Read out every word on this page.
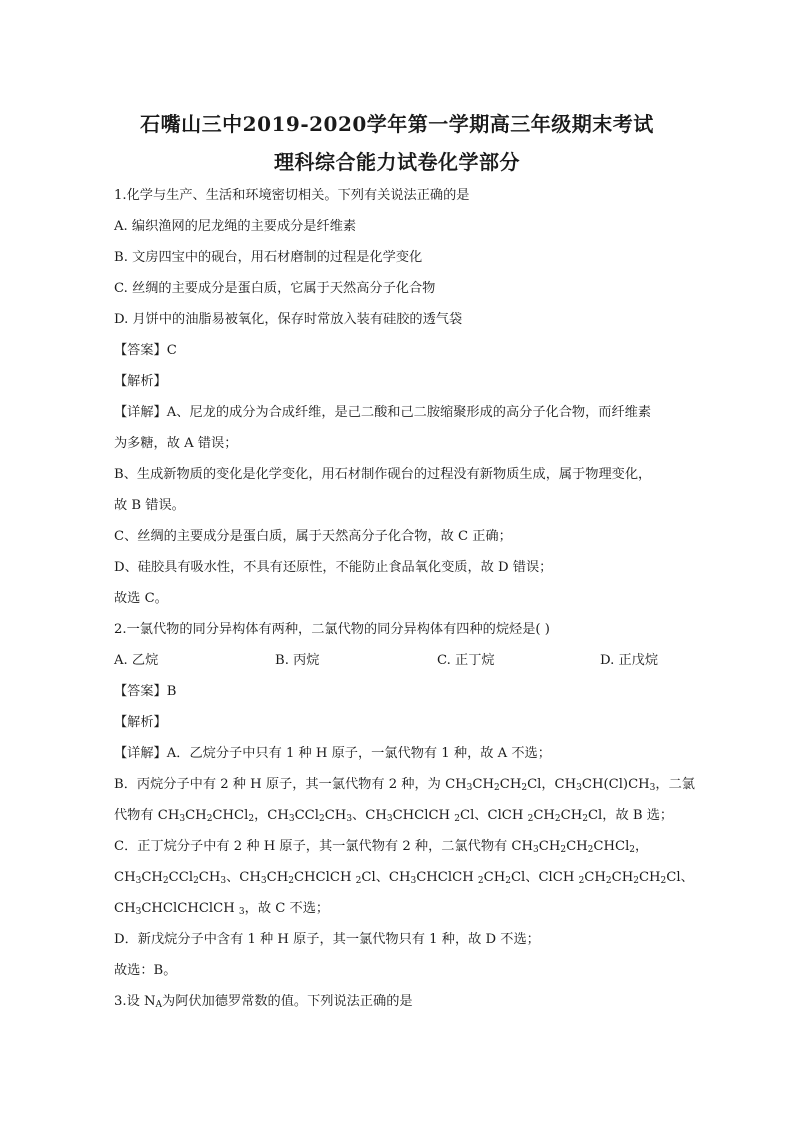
石嘴山三中2019-2020学年第一学期高三年级期末考试
理科综合能力试卷化学部分
1.化学与生产、生活和环境密切相关。下列有关说法正确的是
A. 编织渔网的尼龙绳的主要成分是纤维素
B. 文房四宝中的砚台，用石材磨制的过程是化学变化
C. 丝绸的主要成分是蛋白质，它属于天然高分子化合物
D. 月饼中的油脂易被氧化，保存时常放入装有硅胶的透气袋
【答案】C
【解析】
【详解】A、尼龙的成分为合成纤维，是己二酸和己二胺缩聚形成的高分子化合物，而纤维素
为多糖，故 A 错误；
B、生成新物质的变化是化学变化，用石材制作砚台的过程没有新物质生成，属于物理变化，
故 B 错误。
C、丝绸的主要成分是蛋白质，属于天然高分子化合物，故 C 正确；
D、硅胶具有吸水性，不具有还原性，不能防止食品氧化变质，故 D 错误；
故选 C。
2.一氯代物的同分异构体有两种，二氯代物的同分异构体有四种的烷烃是( )
A. 乙烷	B. 丙烷	C. 正丁烷	D. 正戊烷
【答案】B
【解析】
【详解】A．乙烷分子中只有 1 种 H 原子，一氯代物有 1 种，故 A 不选；
B．丙烷分子中有 2 种 H 原子，其一氯代物有 2 种，为 $CH_3CH_2CH_2Cl$，$CH_3CH(Cl)CH_3$，二氯
代物有 $CH_3CH_2CHCl_2$，$CH_3CCl_2CH_3$、$CH_3CHClCH$ $_2$Cl、ClCH $_2CH_2CH_2Cl$，故 B 选；
C．正丁烷分子中有 2 种 H 原子，其一氯代物有 2 种，二氯代物有 $CH_3CH_2CH_2CHCl_2$，
$CH_3CH_2CCl_2CH_3$、$CH_3CH_2CHClCH$ $_2$Cl、$CH_3CHClCH$ $_2CH_2Cl$、ClCH $_2CH_2CH_2CH_2Cl$、
$CH_3CHClCHClCH$ $_3$，故 C 不选；
D．新戊烷分子中含有 1 种 H 原子，其一氯代物只有 1 种，故 D 不选；
故选：B。
3.设 $N_A$为阿伏加德罗常数的值。下列说法正确的是
